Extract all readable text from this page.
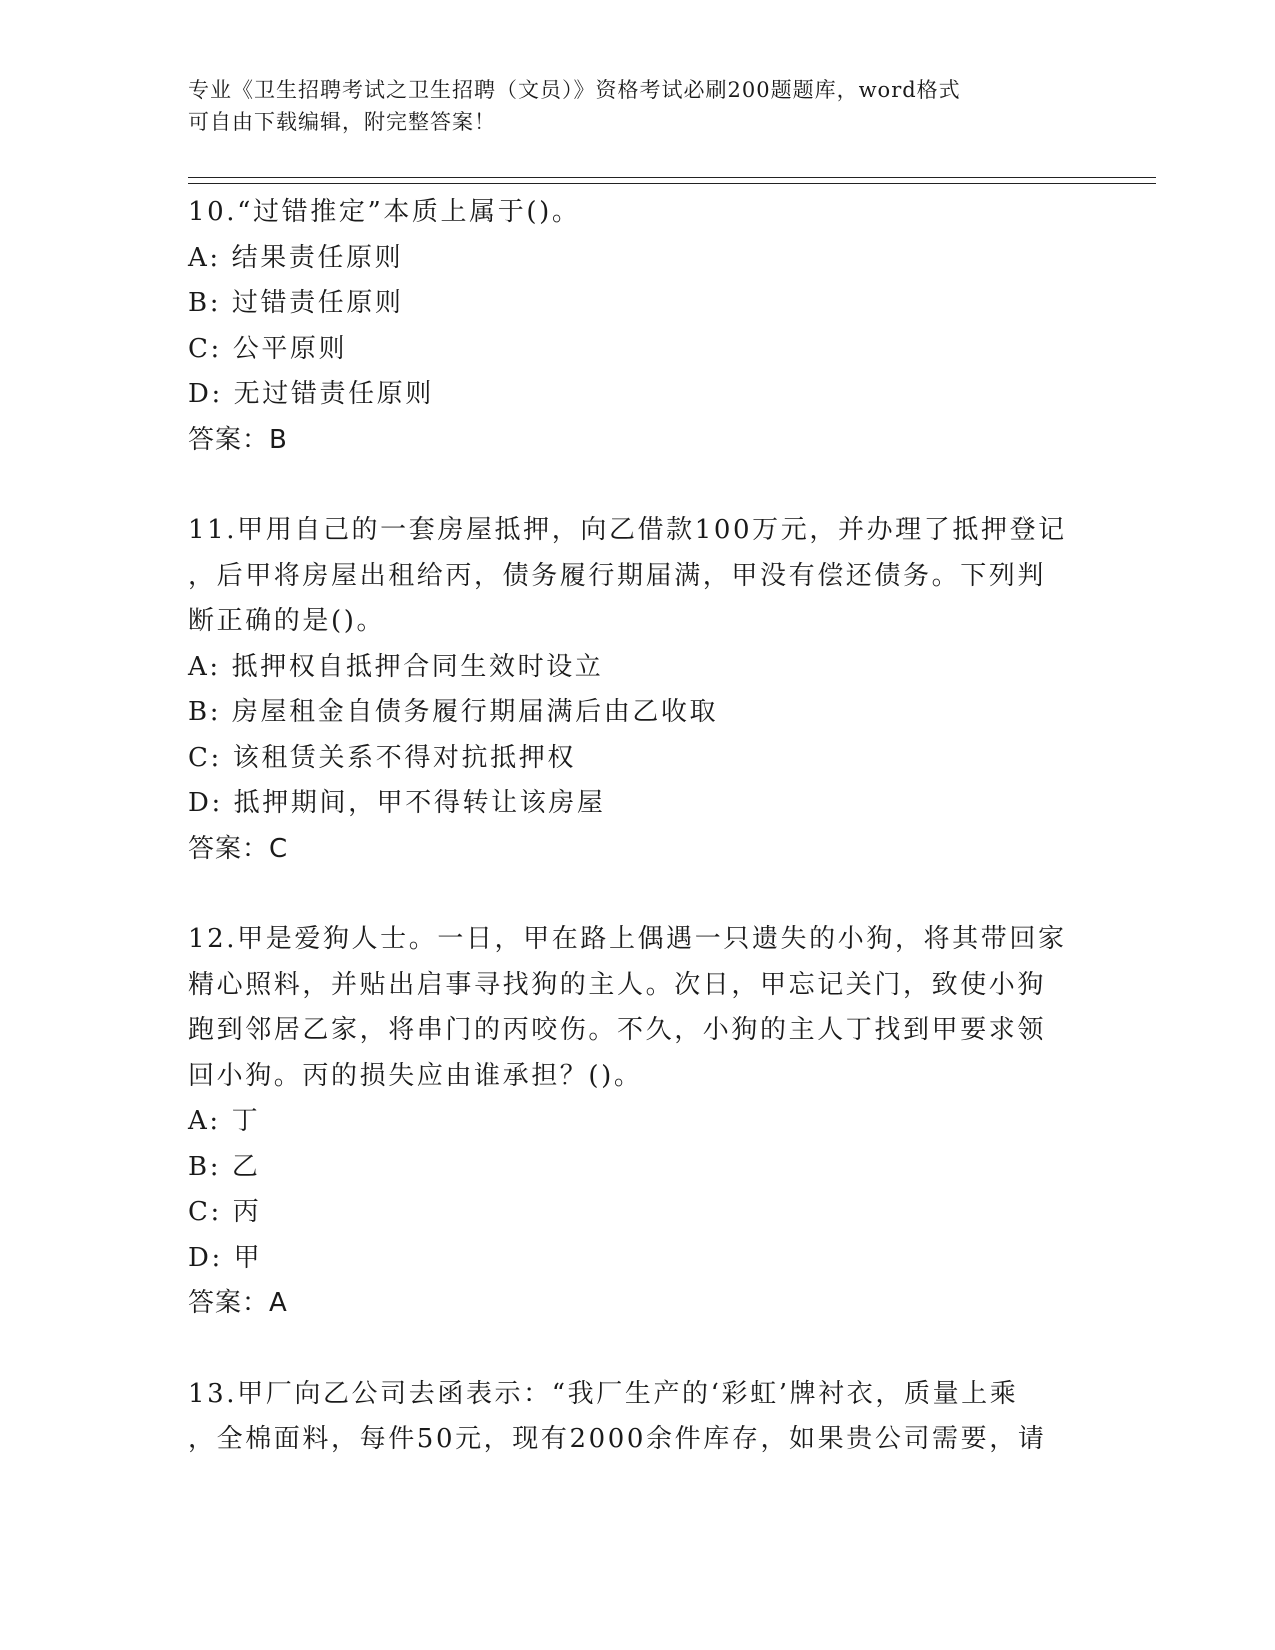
专业《卫生招聘考试之卫生招聘（文员）》资格考试必刷200题题库，word格式
可自由下载编辑，附完整答案！

10.“过错推定”本质上属于()。

A: 结果责任原则

B: 过错责任原则

C: 公平原则

D: 无过错责任原则

答案：B

11.甲用自己的一套房屋抵押，向乙借款100万元，并办理了抵押登记

，后甲将房屋出租给丙，债务履行期届满，甲没有偿还债务。下列判

断正确的是()。

A: 抵押权自抵押合同生效时设立

B: 房屋租金自债务履行期届满后由乙收取

C: 该租赁关系不得对抗抵押权

D: 抵押期间，甲不得转让该房屋

答案：C

12.甲是爱狗人士。一日，甲在路上偶遇一只遗失的小狗，将其带回家

精心照料，并贴出启事寻找狗的主人。次日，甲忘记关门，致使小狗

跑到邻居乙家，将串门的丙咬伤。不久，小狗的主人丁找到甲要求领

回小狗。丙的损失应由谁承担？()。

A: 丁

B: 乙

C: 丙

D: 甲

答案：A

13.甲厂向乙公司去函表示：“我厂生产的‘彩虹’牌衬衣，质量上乘

，全棉面料，每件50元，现有2000余件库存，如果贵公司需要，请
